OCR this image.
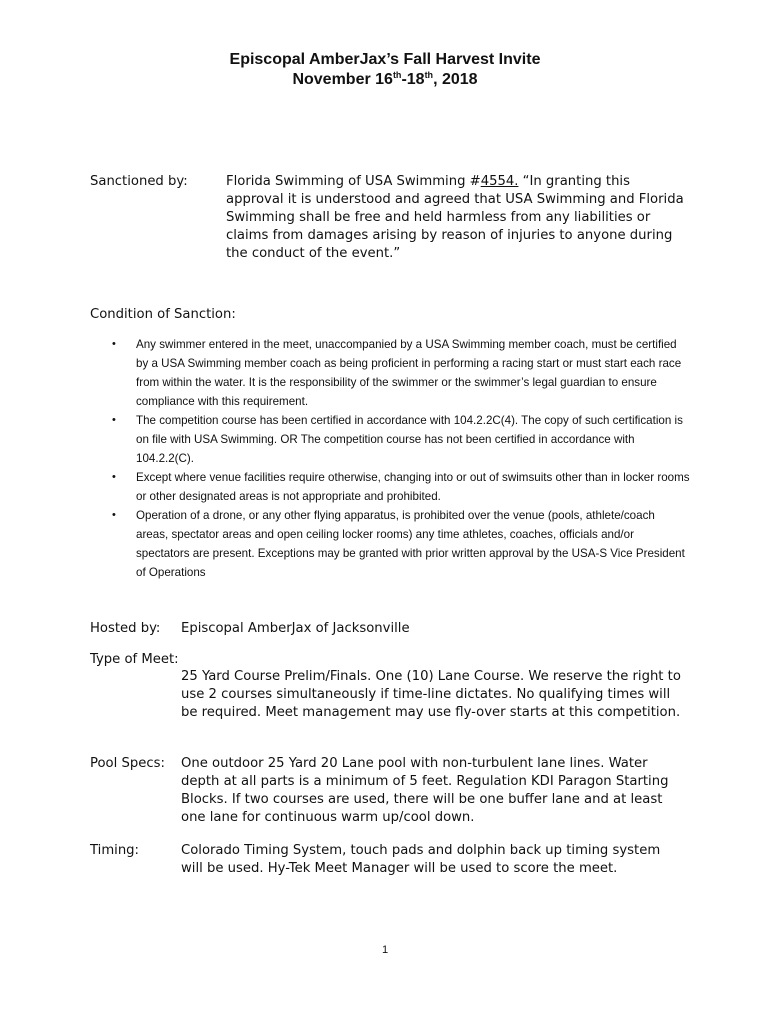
Episcopal AmberJax’s Fall Harvest Invite
November 16th-18th, 2018
Sanctioned by:	Florida Swimming of USA Swimming #4554. “In granting this approval it is understood and agreed that USA Swimming and Florida Swimming shall be free and held harmless from any liabilities or claims from damages arising by reason of injuries to anyone during the conduct of the event.”
Condition of Sanction:
• Any swimmer entered in the meet, unaccompanied by a USA Swimming member coach, must be certified by a USA Swimming member coach as being proficient in performing a racing start or must start each race from within the water. It is the responsibility of the swimmer or the swimmer’s legal guardian to ensure compliance with this requirement.
• The competition course has been certified in accordance with 104.2.2C(4). The copy of such certification is on file with USA Swimming. OR The competition course has not been certified in accordance with 104.2.2(C).
• Except where venue facilities require otherwise, changing into or out of swimsuits other than in locker rooms or other designated areas is not appropriate and prohibited.
• Operation of a drone, or any other flying apparatus, is prohibited over the venue (pools, athlete/coach areas, spectator areas and open ceiling locker rooms) any time athletes, coaches, officials and/or spectators are present. Exceptions may be granted with prior written approval by the USA-S Vice President of Operations
Hosted by: Episcopal AmberJax of Jacksonville
Type of Meet:
25 Yard Course Prelim/Finals. One (10) Lane Course. We reserve the right to use 2 courses simultaneously if time-line dictates. No qualifying times will be required. Meet management may use fly-over starts at this competition.
Pool Specs: One outdoor 25 Yard 20 Lane pool with non-turbulent lane lines. Water depth at all parts is a minimum of 5 feet. Regulation KDI Paragon Starting Blocks. If two courses are used, there will be one buffer lane and at least one lane for continuous warm up/cool down.
Timing:	Colorado Timing System, touch pads and dolphin back up timing system will be used. Hy-Tek Meet Manager will be used to score the meet.
1
